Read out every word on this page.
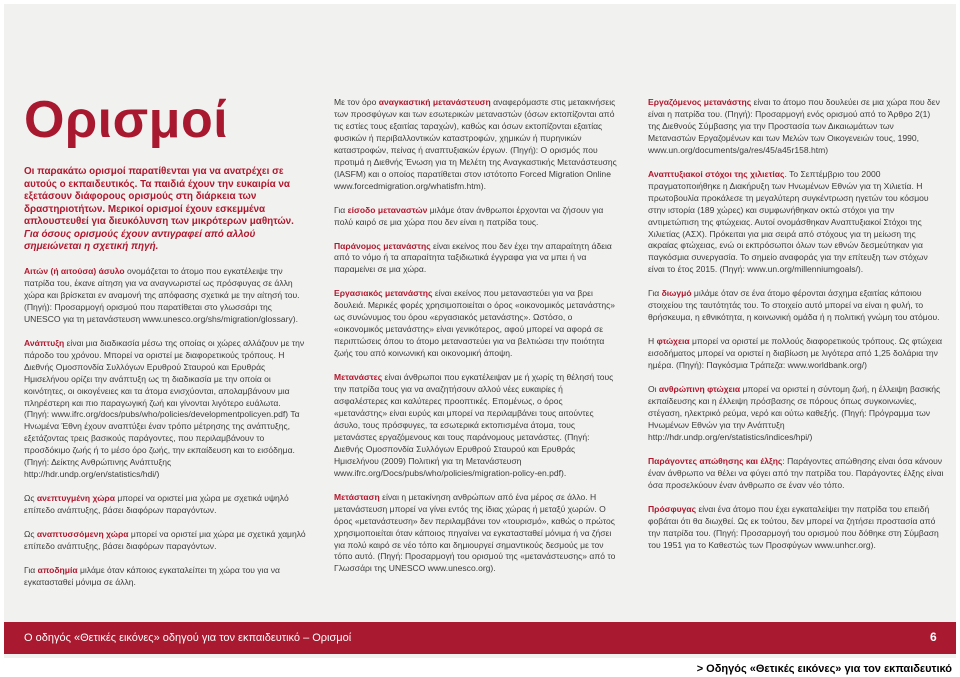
Ορισμοί

Οι παρακάτω ορισμοί παρατίθενται για να ανατρέχει σε αυτούς ο εκπαιδευτικός. Τα παιδιά έχουν την ευκαιρία να εξετάσουν διάφορους ορισμούς στη διάρκεια των δραστηριοτήτων. Μερικοί ορισμοί έχουν εσκεμμένα απλουστευθεί για διευκόλυνση των μικρότερων μαθητών. Για όσους ορισμούς έχουν αντιγραφεί από αλλού σημειώνεται η σχετική πηγή.

Αιτών (ή αιτούσα) άσυλο ονομάζεται το άτομο που εγκατέλειψε την πατρίδα του, έκανε αίτηση για να αναγνωριστεί ως πρόσφυγας σε άλλη χώρα και βρίσκεται εν αναμονή της απόφασης σχετικά με την αίτησή του. (Πηγή): Προσαρμογή ορισμού που παρατίθεται στο γλωσσάρι της UNESCO για τη μετανάστευση www.unesco.org/shs/migration/glossary).

Ανάπτυξη είναι μια διαδικασία μέσω της οποίας οι χώρες αλλάζουν με την πάροδο του χρόνου. Μπορεί να οριστεί με διαφορετικούς τρόπους. Η Διεθνής Ομοσπονδία Συλλόγων Ερυθρού Σταυρού και Ερυθράς Ημισελήνου ορίζει την ανάπτυξη ως τη διαδικασία με την οποία οι κοινότητες, οι οικογένειες και τα άτομα ενισχύονται, απολαμβάνουν μια πληρέστερη και πιο παραγωγική ζωή και γίνονται λιγότερο ευάλωτα. (Πηγή: www.ifrc.org/docs/pubs/who/policies/developmentpolicyen.pdf) Τα Ηνωμένα Έθνη έχουν αναπτύξει έναν τρόπο μέτρησης της ανάπτυξης, εξετάζοντας τρεις βασικούς παράγοντες, που περιλαμβάνουν το προσδόκιμο ζωής ή το μέσο όρο ζωής, την εκπαίδευση και το εισόδημα. (Πηγή: Δείκτης Ανθρώπινης Ανάπτυξης http://hdr.undp.org/en/statistics/hdi/)

Ως ανεπτυγμένη χώρα μπορεί να οριστεί μια χώρα με σχετικά υψηλό επίπεδο ανάπτυξης, βάσει διαφόρων παραγόντων.

Ως αναπτυσσόμενη χώρα μπορεί να οριστεί μια χώρα με σχετικά χαμηλό επίπεδο ανάπτυξης, βάσει διαφόρων παραγόντων.

Για αποδημία μιλάμε όταν κάποιος εγκαταλείπει τη χώρα του για να εγκατασταθεί μόνιμα σε άλλη.

Με τον όρο αναγκαστική μετανάστευση αναφερόμαστε στις μετακινήσεις των προσφύγων και των εσωτερικών μεταναστών (όσων εκτοπίζονται από τις εστίες τους εξαιτίας ταραχών), καθώς και όσων εκτοπίζονται εξαιτίας φυσικών ή περιβαλλοντικών καταστροφών, χημικών ή πυρηνικών καταστροφών, πείνας ή αναπτυξιακών έργων. (Πηγή): Ο ορισμός που προτιμά η Διεθνής Ένωση για τη Μελέτη της Αναγκαστικής Μετανάστευσης (IASFM) και ο οποίος παρατίθεται στον ιστότοπο Forced Migration Online www.forcedmigration.org/whatisfm.htm).

Για είσοδο μεταναστών μιλάμε όταν άνθρωποι έρχονται να ζήσουν για πολύ καιρό σε μια χώρα που δεν είναι η πατρίδα τους.

Παράνομος μετανάστης είναι εκείνος που δεν έχει την απαραίτητη άδεια από το νόμο ή τα απαραίτητα ταξιδιωτικά έγγραφα για να μπει ή να παραμείνει σε μια χώρα.

Εργασιακός μετανάστης είναι εκείνος που μεταναστεύει για να βρει δουλειά. Μερικές φορές χρησιμοποιείται ο όρος «οικονομικός μετανάστης» ως συνώνυμος του όρου «εργασιακός μετανάστης». Ωστόσο, ο «οικονομικός μετανάστης» είναι γενικότερος, αφού μπορεί να αφορά σε περιπτώσεις όπου το άτομο μεταναστεύει για να βελτιώσει την ποιότητα ζωής του από κοινωνική και οικονομική άποψη.

Μετανάστες είναι άνθρωποι που εγκατέλειψαν με ή χωρίς τη θέλησή τους την πατρίδα τους για να αναζητήσουν αλλού νέες ευκαιρίες ή ασφαλέστερες και καλύτερες προοπτικές. Επομένως, ο όρος «μετανάστης» είναι ευρύς και μπορεί να περιλαμβάνει τους αιτούντες άσυλο, τους πρόσφυγες, τα εσωτερικά εκτοπισμένα άτομα, τους μετανάστες εργαζόμενους και τους παράνομους μετανάστες. (Πηγή: Διεθνής Ομοσπονδία Συλλόγων Ερυθρού Σταυρού και Ερυθράς Ημισελήνου (2009) Πολιτική για τη Μετανάστευση www.ifrc.org/Docs/pubs/who/policies/migration-policy-en.pdf).

Μετάσταση είναι η μετακίνηση ανθρώπων από ένα μέρος σε άλλο. Η μετανάστευση μπορεί να γίνει εντός της ίδιας χώρας ή μεταξύ χωρών. Ο όρος «μετανάστευση» δεν περιλαμβάνει τον «τουρισμό», καθώς ο πρώτος χρησιμοποιείται όταν κάποιος πηγαίνει να εγκατασταθεί μόνιμα ή να ζήσει για πολύ καιρό σε νέο τόπο και δημιουργεί σημαντικούς δεσμούς με τον τόπο αυτό. (Πηγή: Προσαρμογή του ορισμού της «μετανάστευσης» από το Γλωσσάρι της UNESCO www.unesco.org).

Εργαζόμενος μετανάστης είναι το άτομο που δουλεύει σε μια χώρα που δεν είναι η πατρίδα του. (Πηγή): Προσαρμογή ενός ορισμού από το Άρθρο 2(1) της Διεθνούς Σύμβασης για την Προστασία των Δικαιωμάτων των Μεταναστών Εργαζομένων και των Μελών των Οικογενειών τους, 1990, www.un.org/documents/ga/res/45/a45r158.htm)

Αναπτυξιακοί στόχοι της χιλιετίας. Το Σεπτέμβριο του 2000 πραγματοποιήθηκε η Διακήρυξη των Ηνωμένων Εθνών για τη Χιλιετία. Η πρωτοβουλία προκάλεσε τη μεγαλύτερη συγκέντρωση ηγετών του κόσμου στην ιστορία (189 χώρες) και συμφωνήθηκαν οκτώ στόχοι για την αντιμετώπιση της φτώχειας. Αυτοί ονομάσθηκαν Αναπτυξιακοί Στόχοι της Χιλιετίας (ΑΣΧ). Πρόκειται για μια σειρά από στόχους για τη μείωση της ακραίας φτώχειας, ενώ οι εκπρόσωποι όλων των εθνών δεσμεύτηκαν για παγκόσμια συνεργασία. Το σημείο αναφοράς για την επίτευξη των στόχων είναι το έτος 2015. (Πηγή: www.un.org/millenniumgoals/).

Για διωγμό μιλάμε όταν σε ένα άτομο φέρονται άσχημα εξαιτίας κάποιου στοιχείου της ταυτότητάς του. Το στοιχείο αυτό μπορεί να είναι η φυλή, το θρήσκευμα, η εθνικότητα, η κοινωνική ομάδα ή η πολιτική γνώμη του ατόμου.

Η φτώχεια μπορεί να οριστεί με πολλούς διαφορετικούς τρόπους. Ως φτώχεια εισοδήματος μπορεί να οριστεί η διαβίωση με λιγότερα από 1,25 δολάρια την ημέρα. (Πηγή): Παγκόσμια Τράπεζα: www.worldbank.org/)

Οι ανθρώπινη φτώχεια μπορεί να οριστεί η σύντομη ζωή, η έλλειψη βασικής εκπαίδευσης και η έλλειψη πρόσβασης σε πόρους όπως συγκοινωνίες, στέγαση, ηλεκτρικό ρεύμα, νερό και ούτω καθεξής. (Πηγή: Πρόγραμμα των Ηνωμένων Εθνών για την Ανάπτυξη http://hdr.undp.org/en/statistics/indices/hpi/)

Παράγοντες απώθησης και έλξης: Παράγοντες απώθησης είναι όσα κάνουν έναν άνθρωπο να θέλει να φύγει από την πατρίδα του. Παράγοντες έλξης είναι όσα προσελκύουν έναν άνθρωπο σε έναν νέο τόπο.

Πρόσφυγας είναι ένα άτομο που έχει εγκαταλείψει την πατρίδα του επειδή φοβάται ότι θα διωχθεί. Ως εκ τούτου, δεν μπορεί να ζητήσει προστασία από την πατρίδα του. (Πηγή: Προσαρμογή του ορισμού που δόθηκε στη Σύμβαση του 1951 για το Καθεστώς των Προσφύγων www.unhcr.org).

Ο οδηγός «Θετικές εικόνες» οδηγού για τον εκπαιδευτικό – Ορισμοί	6
> Οδηγός «Θετικές εικόνες» για τον εκπαιδευτικό
